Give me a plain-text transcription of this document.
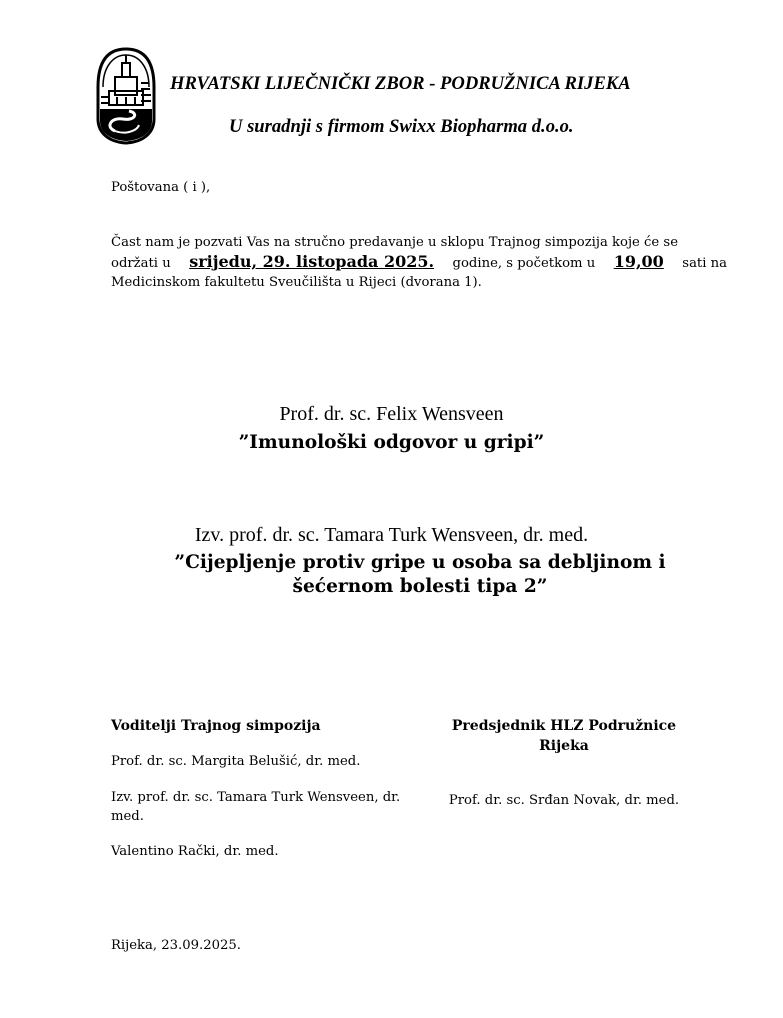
HRVATSKI LIJEČNIČKI ZBOR - PODRUŽNICA RIJEKA
U suradnji s firmom Swixx Biopharma d.o.o.
Poštovana ( i ),
Čast nam je pozvati Vas na stručno predavanje u sklopu Trajnog simpozija koje će se
održati u srijedu, 29. listopada 2025. godine, s početkom u 19,00 sati na
Medicinskom fakultetu Sveučilišta u Rijeci (dvorana 1).
Prof. dr. sc. Felix Wensveen
”Imunološki odgovor u gripi”
Izv. prof. dr. sc. Tamara Turk Wensveen, dr. med.
”Cijepljenje protiv gripe u osoba sa debljinom i šećernom bolesti tipa 2”
Voditelji Trajnog simpozija
Prof. dr. sc. Margita Belušić, dr. med.
Izv. prof. dr. sc. Tamara Turk Wensveen, dr. med.
Valentino Rački, dr. med.
Predsjednik HLZ Podružnice Rijeka
Prof. dr. sc. Srđan Novak, dr. med.
Rijeka, 23.09.2025.
